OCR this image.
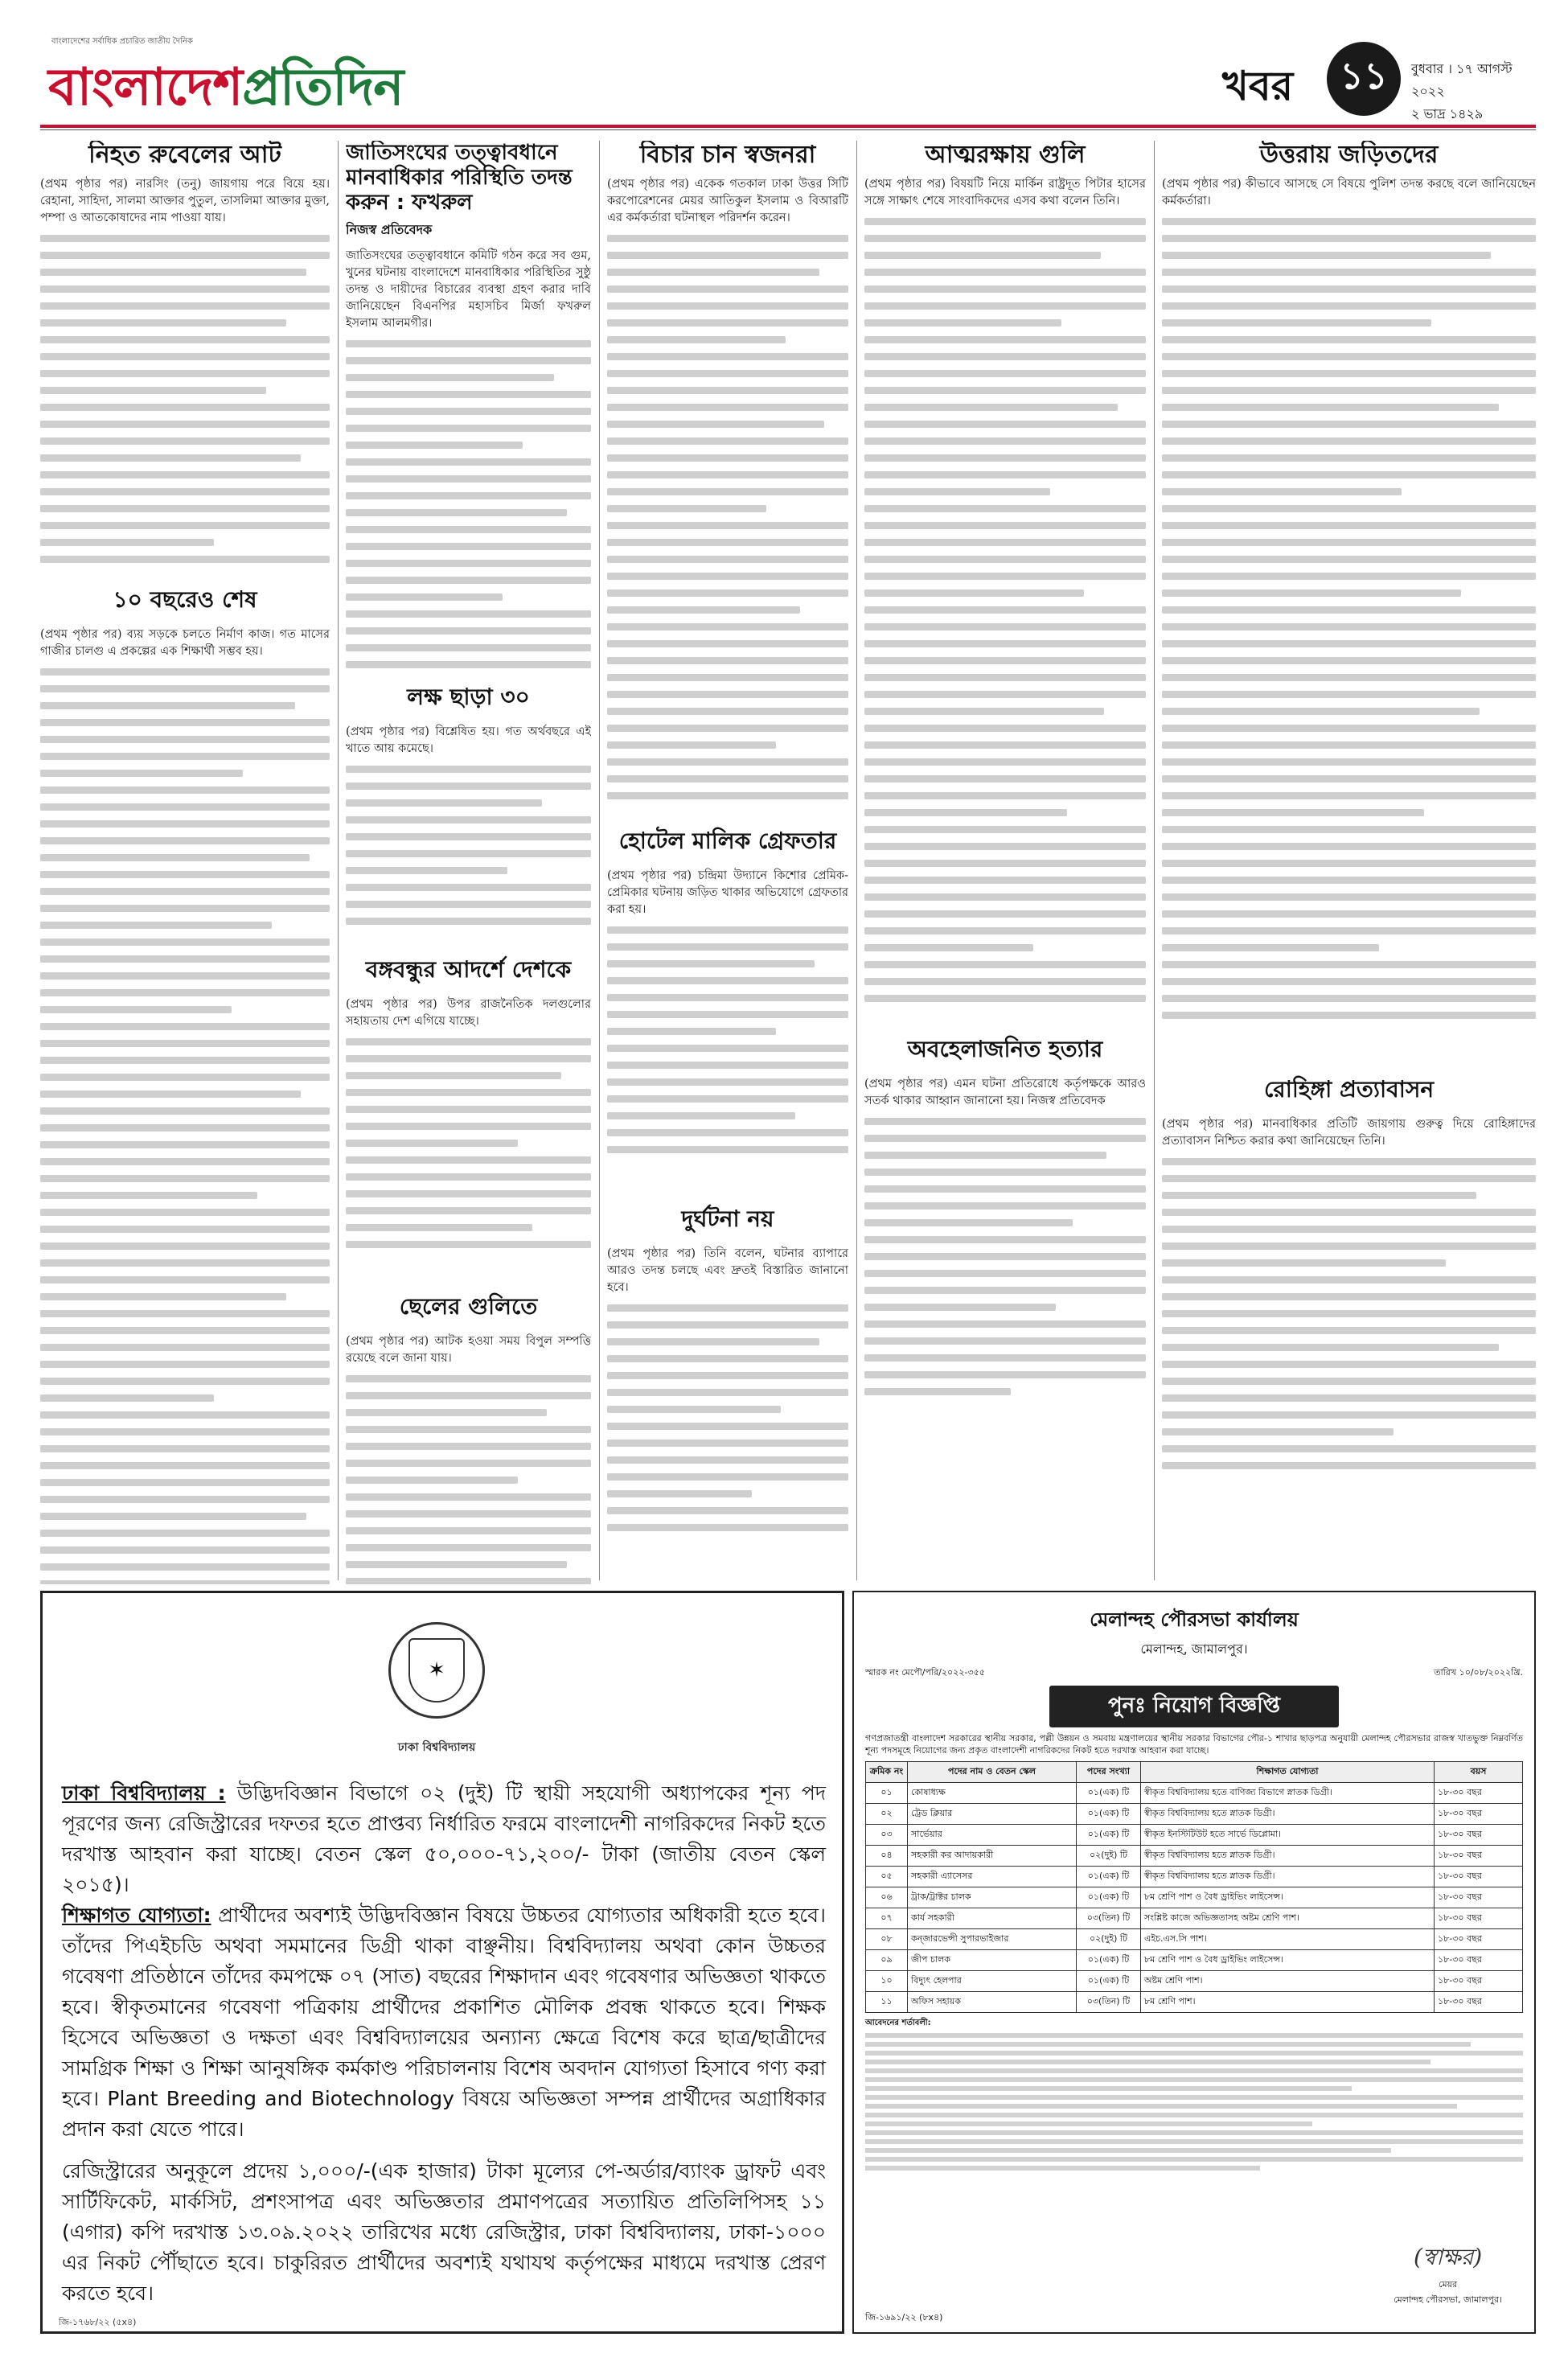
বাংলাদেশের সর্বাধিক প্রচারিত জাতীয় দৈনিক
বাংলাদেশপ্রতিদিন	খবর	১১	বুধবার । ১৭ আগস্ট ২০২২
২ ভাদ্র ১৪২৯
নিহত রুবেলের আট

(প্রথম পৃষ্ঠার পর) নারসিং (তনু) জায়গায় পরে বিয়ে হয়। রেহানা, সাহিদা, সালমা আক্তার পুতুল, তাসলিমা আক্তার মুক্তা, পম্পা ও আতকোষাদের নাম পাওয়া যায়।

১০ বছরেও শেষ

(প্রথম পৃষ্ঠার পর) ব্যয় সড়কে চলতে নির্মাণ কাজ। গত মাসের গাজীর চালগু এ প্রকল্পের এক শিক্ষার্থী সম্ভব হয়।

জাতিসংঘের তত্ত্বাবধানে মানবাধিকার পরিস্থিতি তদন্ত করুন : ফখরুল
নিজস্ব প্রতিবেদক

জাতিসংঘের তত্ত্বাবধানে কমিটি গঠন করে সব গুম, খুনের ঘটনায় বাংলাদেশে মানবাধিকার পরিস্থিতির সুষ্ঠু তদন্ত ও দায়ীদের বিচারের ব্যবস্থা গ্রহণ করার দাবি জানিয়েছেন বিএনপির মহাসচিব মির্জা ফখরুল ইসলাম আলমগীর।

লক্ষ ছাড়া ৩০

(প্রথম পৃষ্ঠার পর) বিশ্লেষিত হয়। গত অর্থবছরে এই খাতে আয় কমেছে।

বঙ্গবন্ধুর আদর্শে দেশকে

(প্রথম পৃষ্ঠার পর) উপর রাজনৈতিক দলগুলোর সহায়তায় দেশ এগিয়ে যাচ্ছে।

ছেলের গুলিতে

(প্রথম পৃষ্ঠার পর) আটক হওয়া সময় বিপুল সম্পত্তি রয়েছে বলে জানা যায়।

বিচার চান স্বজনরা

(প্রথম পৃষ্ঠার পর) একেক গতকাল ঢাকা উত্তর সিটি করপোরেশনের মেয়র আতিকুল ইসলাম ও বিআরটি এর কর্মকর্তারা ঘটনাস্থল পরিদর্শন করেন।

হোটেল মালিক গ্রেফতার

(প্রথম পৃষ্ঠার পর) চন্দ্রিমা উদ্যানে কিশোর প্রেমিক-প্রেমিকার ঘটনায় জড়িত থাকার অভিযোগে গ্রেফতার করা হয়।

দুর্ঘটনা নয়

(প্রথম পৃষ্ঠার পর) তিনি বলেন, ঘটনার ব্যাপারে আরও তদন্ত চলছে এবং দ্রুতই বিস্তারিত জানানো হবে।

আত্মরক্ষায় গুলি

(প্রথম পৃষ্ঠার পর) বিষয়টি নিয়ে মার্কিন রাষ্ট্রদূত পিটার হাসের সঙ্গে সাক্ষাৎ শেষে সাংবাদিকদের এসব কথা বলেন তিনি।

অবহেলাজনিত হত্যার

(প্রথম পৃষ্ঠার পর) এমন ঘটনা প্রতিরোধে কর্তৃপক্ষকে আরও সতর্ক থাকার আহ্বান জানানো হয়। নিজস্ব প্রতিবেদক

উত্তরায় জড়িতদের

(প্রথম পৃষ্ঠার পর) কীভাবে আসছে সে বিষয়ে পুলিশ তদন্ত করছে বলে জানিয়েছেন কর্মকর্তারা।

রোহিঙ্গা প্রত্যাবাসন

(প্রথম পৃষ্ঠার পর) মানবাধিকার প্রতিটি জায়গায় গুরুত্ব দিয়ে রোহিঙ্গাদের প্রত্যাবাসন নিশ্চিত করার কথা জানিয়েছেন তিনি।

✶
ঢাকা বিশ্ববিদ্যালয়

ঢাকা বিশ্ববিদ্যালয় : উদ্ভিদবিজ্ঞান বিভাগে ০২ (দুই) টি স্থায়ী সহযোগী অধ্যাপকের শূন্য পদ পূরণের জন্য রেজিস্ট্রারের দফতর হতে প্রাপ্তব্য নির্ধারিত ফরমে বাংলাদেশী নাগরিকদের নিকট হতে দরখাস্ত আহবান করা যাচ্ছে। বেতন স্কেল ৫০,০০০-৭১,২০০/- টাকা (জাতীয় বেতন স্কেল ২০১৫)।

শিক্ষাগত যোগ্যতা: প্রার্থীদের অবশ্যই উদ্ভিদবিজ্ঞান বিষয়ে উচ্চতর যোগ্যতার অধিকারী হতে হবে। তাঁদের পিএইচডি অথবা সমমানের ডিগ্রী থাকা বাঞ্ছনীয়। বিশ্ববিদ্যালয় অথবা কোন উচ্চতর গবেষণা প্রতিষ্ঠানে তাঁদের কমপক্ষে ০৭ (সাত) বছরের শিক্ষাদান এবং গবেষণার অভিজ্ঞতা থাকতে হবে। স্বীকৃতমানের গবেষণা পত্রিকায় প্রার্থীদের প্রকাশিত মৌলিক প্রবন্ধ থাকতে হবে। শিক্ষক হিসেবে অভিজ্ঞতা ও দক্ষতা এবং বিশ্ববিদ্যালয়ের অন্যান্য ক্ষেত্রে বিশেষ করে ছাত্র/ছাত্রীদের সামগ্রিক শিক্ষা ও শিক্ষা আনুষঙ্গিক কর্মকাণ্ড পরিচালনায় বিশেষ অবদান যোগ্যতা হিসাবে গণ্য করা হবে। Plant Breeding and Biotechnology বিষয়ে অভিজ্ঞতা সম্পন্ন প্রার্থীদের অগ্রাধিকার প্রদান করা যেতে পারে।

রেজিস্ট্রারের অনুকূলে প্রদেয় ১,০০০/-(এক হাজার) টাকা মূল্যের পে-অর্ডার/ব্যাংক ড্রাফট এবং সার্টিফিকেট, মার্কসিট, প্রশংসাপত্র এবং অভিজ্ঞতার প্রমাণপত্রের সত্যায়িত প্রতিলিপিসহ ১১ (এগার) কপি দরখাস্ত ১৩.০৯.২০২২ তারিখের মধ্যে রেজিস্ট্রার, ঢাকা বিশ্ববিদ্যালয়, ঢাকা-১০০০ এর নিকট পৌঁছাতে হবে। চাকুরিরত প্রার্থীদের অবশ্যই যথাযথ কর্তৃপক্ষের মাধ্যমে দরখাস্ত প্রেরণ করতে হবে।

জি-১৭৬৮/২২ (৫x৪)
মেলান্দহ পৌরসভা কার্যালয়
মেলান্দহ, জামালপুর।
স্মারক নং মেপৌ/পরি/২০২২-৩৫৫	তারিখ ১০/০৮/২০২২খ্রি.
পুনঃ নিয়োগ বিজ্ঞপ্তি

গণপ্রজাতন্ত্রী বাংলাদেশ সরকারের স্থানীয় সরকার, পল্লী উন্নয়ন ও সমবায় মন্ত্রণালয়ের স্থানীয় সরকার বিভাগের পৌর-১ শাখার ছাড়পত্র অনুযায়ী মেলান্দহ পৌরসভার রাজস্ব খাতভুক্ত নিম্নবর্ণিত শূন্য পদসমূহে নিয়োগের জন্য প্রকৃত বাংলাদেশী নাগরিকদের নিকট হতে দরখাস্ত আহবান করা যাচ্ছে।

ক্রমিক নং	পদের নাম ও বেতন স্কেল	পদের সংখ্যা	শিক্ষাগত যোগ্যতা	বয়স
০১	কোষাধ্যক্ষ	০১(এক) টি	স্বীকৃত বিশ্ববিদ্যালয় হতে বাণিজ্য বিভাগে স্নাতক ডিগ্রী।	১৮-৩০ বছর
০২	ট্রেড ক্লিয়ার	০১(এক) টি	স্বীকৃত বিশ্ববিদ্যালয় হতে স্নাতক ডিগ্রী।	১৮-৩০ বছর
০৩	সার্ভেয়ার	০১(এক) টি	স্বীকৃত ইনস্টিটিউট হতে সার্ভে ডিপ্লোমা।	১৮-৩০ বছর
০৪	সহকারী কর আদায়কারী	০২(দুই) টি	স্বীকৃত বিশ্ববিদ্যালয় হতে স্নাতক ডিগ্রী।	১৮-৩০ বছর
০৫	সহকারী এ্যাসেসর	০১(এক) টি	স্বীকৃত বিশ্ববিদ্যালয় হতে স্নাতক ডিগ্রী।	১৮-৩০ বছর
০৬	ট্রাক/ট্রাক্টর চালক	০১(এক) টি	৮ম শ্রেণি পাশ ও বৈধ ড্রাইভিং লাইসেন্স।	১৮-৩০ বছর
০৭	কার্য সহকারী	০৩(তিন) টি	সংশ্লিষ্ট কাজে অভিজ্ঞতাসহ অষ্টম শ্রেণি পাশ।	১৮-৩০ বছর
০৮	কন্জারভেন্সী সুপারভাইজার	০২(দুই) টি	এইচ.এস.সি পাশ।	১৮-৩০ বছর
০৯	জীপ চালক	০১(এক) টি	৮ম শ্রেণি পাশ ও বৈধ ড্রাইভিং লাইসেন্স।	১৮-৩০ বছর
১০	বিদ্যুৎ হেলপার	০১(এক) টি	অষ্টম শ্রেণি পাশ।	১৮-৩০ বছর
১১	অফিস সহায়ক	০৩(তিন) টি	৮ম শ্রেণি পাশ।	১৮-৩০ বছর
আবেদনের শর্তাবলী:
(স্বাক্ষর)
মেয়র
মেলান্দহ পৌরসভা, জামালপুর।
জি-১৬৯১/২২ (৮x৪)
